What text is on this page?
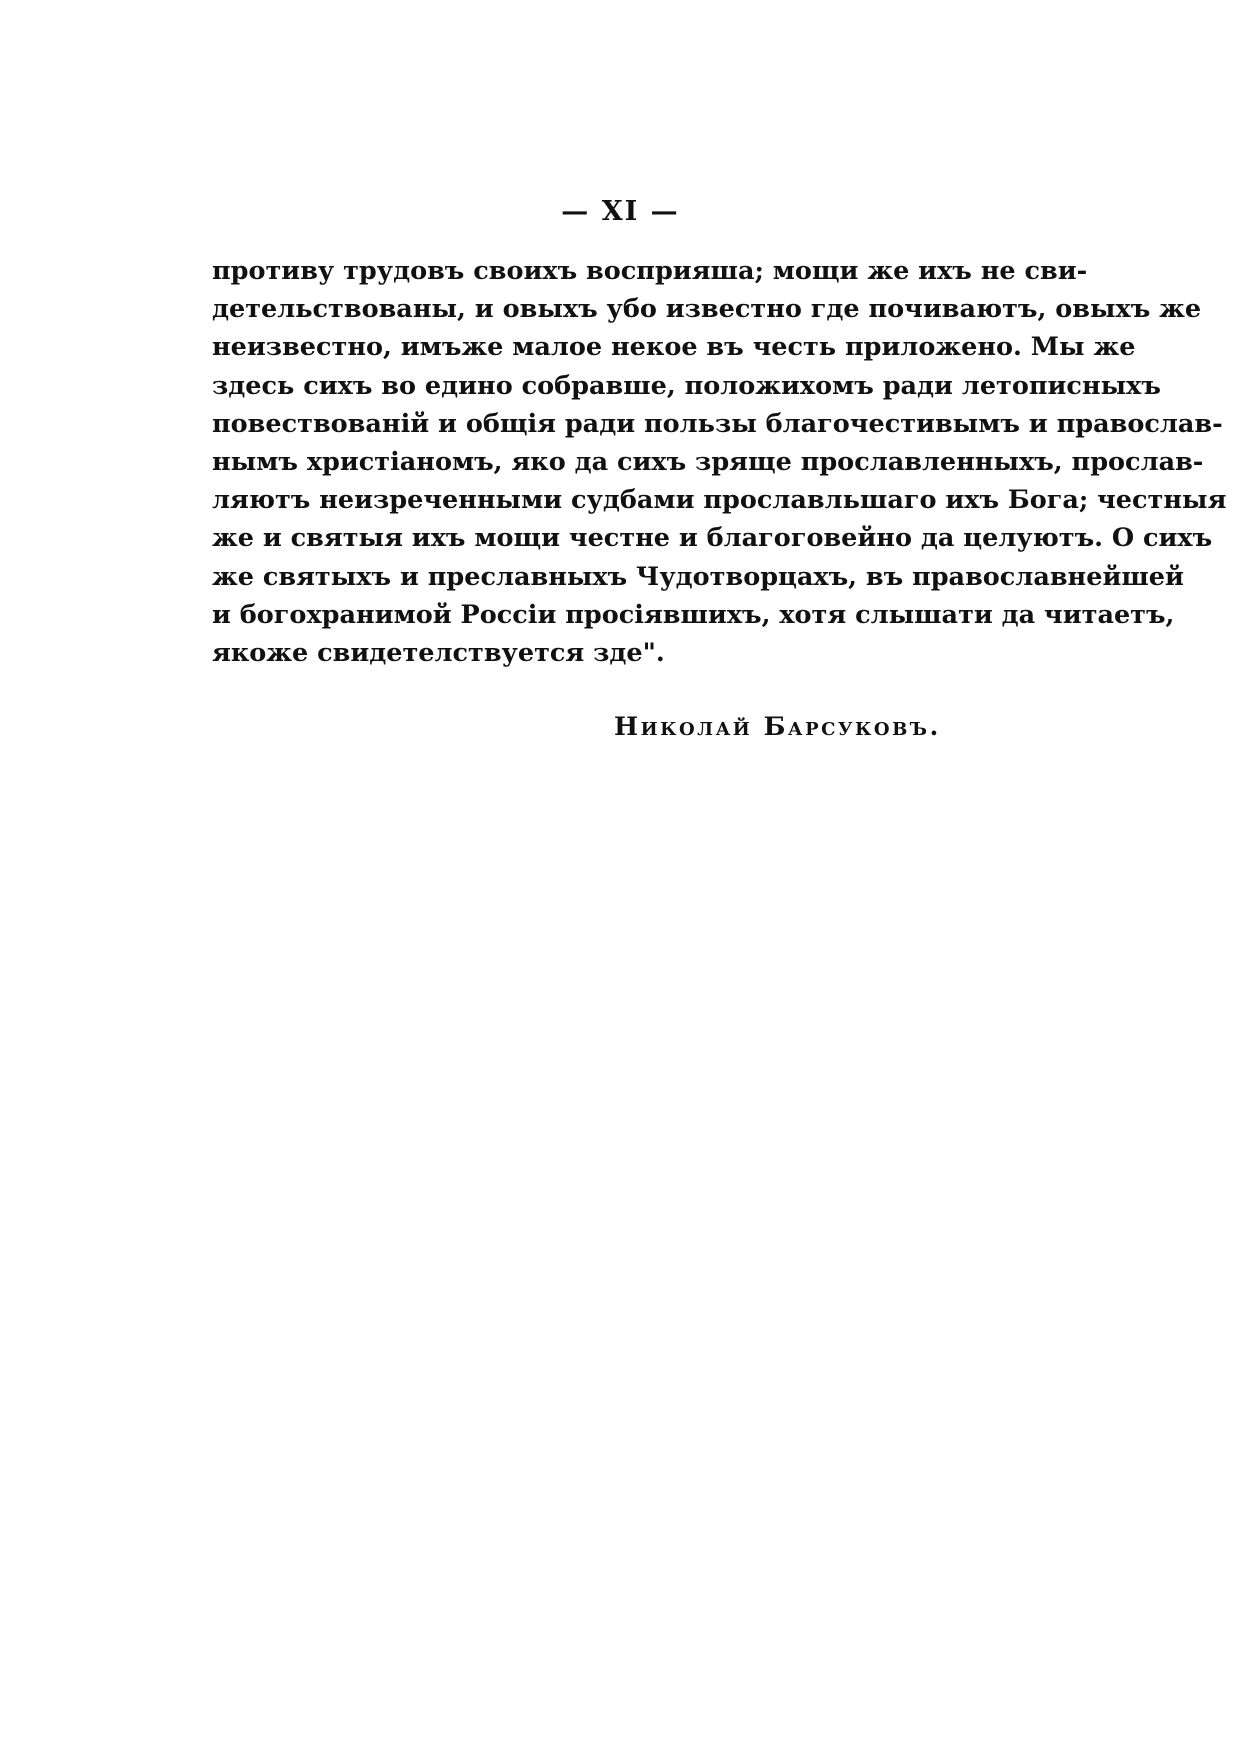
— XI —
противу трудовъ своихъ восприяша; мощи же ихъ не сви-
детельствованы, и овыхъ убо известно где почиваютъ, овыхъ же
неизвестно, имъже малое некое въ честь приложено. Мы же
здесь сихъ во едино собравше, положихомъ ради летописныхъ
повествованій и общія ради пользы благочестивымъ и православ-
нымъ христіаномъ, яко да сихъ зряще прославленныхъ, прослав-
ляютъ неизреченными судбами прославльшаго ихъ Бога; честныя
же и святыя ихъ мощи честне и благоговейно да целуютъ. О сихъ
же святыхъ и преславныхъ Чудотворцахъ, въ православнейшей
и богохранимой Россіи просіявшихъ, хотя слышати да читаетъ,
якоже свидетелствуется зде".
Николай Барсуковъ.
